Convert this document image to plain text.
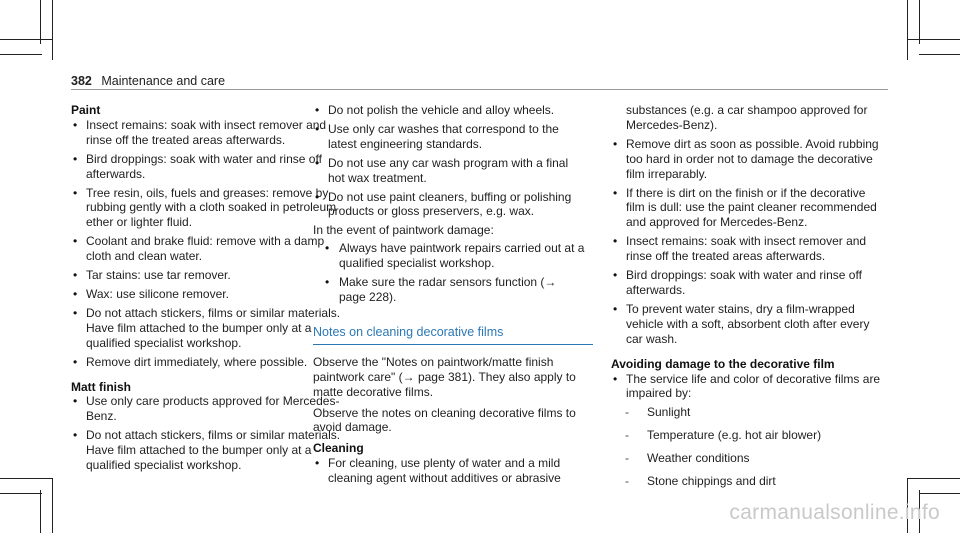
382 Maintenance and care
Paint
• Insect remains: soak with insect remover and rinse off the treated areas afterwards.
• Bird droppings: soak with water and rinse off afterwards.
• Tree resin, oils, fuels and greases: remove by rubbing gently with a cloth soaked in petroleum ether or lighter fluid.
• Coolant and brake fluid: remove with a damp cloth and clean water.
• Tar stains: use tar remover.
• Wax: use silicone remover.
• Do not attach stickers, films or similar materials. Have film attached to the bumper only at a qualified specialist workshop.
• Remove dirt immediately, where possible.
Matt finish
• Use only care products approved for Mercedes-Benz.
• Do not attach stickers, films or similar materials. Have film attached to the bumper only at a qualified specialist workshop.
• Do not polish the vehicle and alloy wheels.
• Use only car washes that correspond to the latest engineering standards.
• Do not use any car wash program with a final hot wax treatment.
• Do not use paint cleaners, buffing or polishing products or gloss preservers, e.g. wax.

In the event of paintwork damage:

• Always have paintwork repairs carried out at a qualified specialist workshop.
• Make sure the radar sensors function (→ page 228).
Notes on cleaning decorative films

Observe the "Notes on paintwork/matte finish paintwork care" (→ page 381). They also apply to matte decorative films.

Observe the notes on cleaning decorative films to avoid damage.

Cleaning
• For cleaning, use plenty of water and a mild cleaning agent without additives or abrasive
substances (e.g. a car shampoo approved for Mercedes-Benz).
• Remove dirt as soon as possible. Avoid rubbing too hard in order not to damage the decorative film irreparably.
• If there is dirt on the finish or if the decorative film is dull: use the paint cleaner recommended and approved for Mercedes-Benz.
• Insect remains: soak with insect remover and rinse off the treated areas afterwards.
• Bird droppings: soak with water and rinse off afterwards.
• To prevent water stains, dry a film-wrapped vehicle with a soft, absorbent cloth after every car wash.
Avoiding damage to the decorative film
• The service life and color of decorative films are impaired by:
- Sunlight
- Temperature (e.g. hot air blower)
- Weather conditions
- Stone chippings and dirt
carmanualsonline.info
